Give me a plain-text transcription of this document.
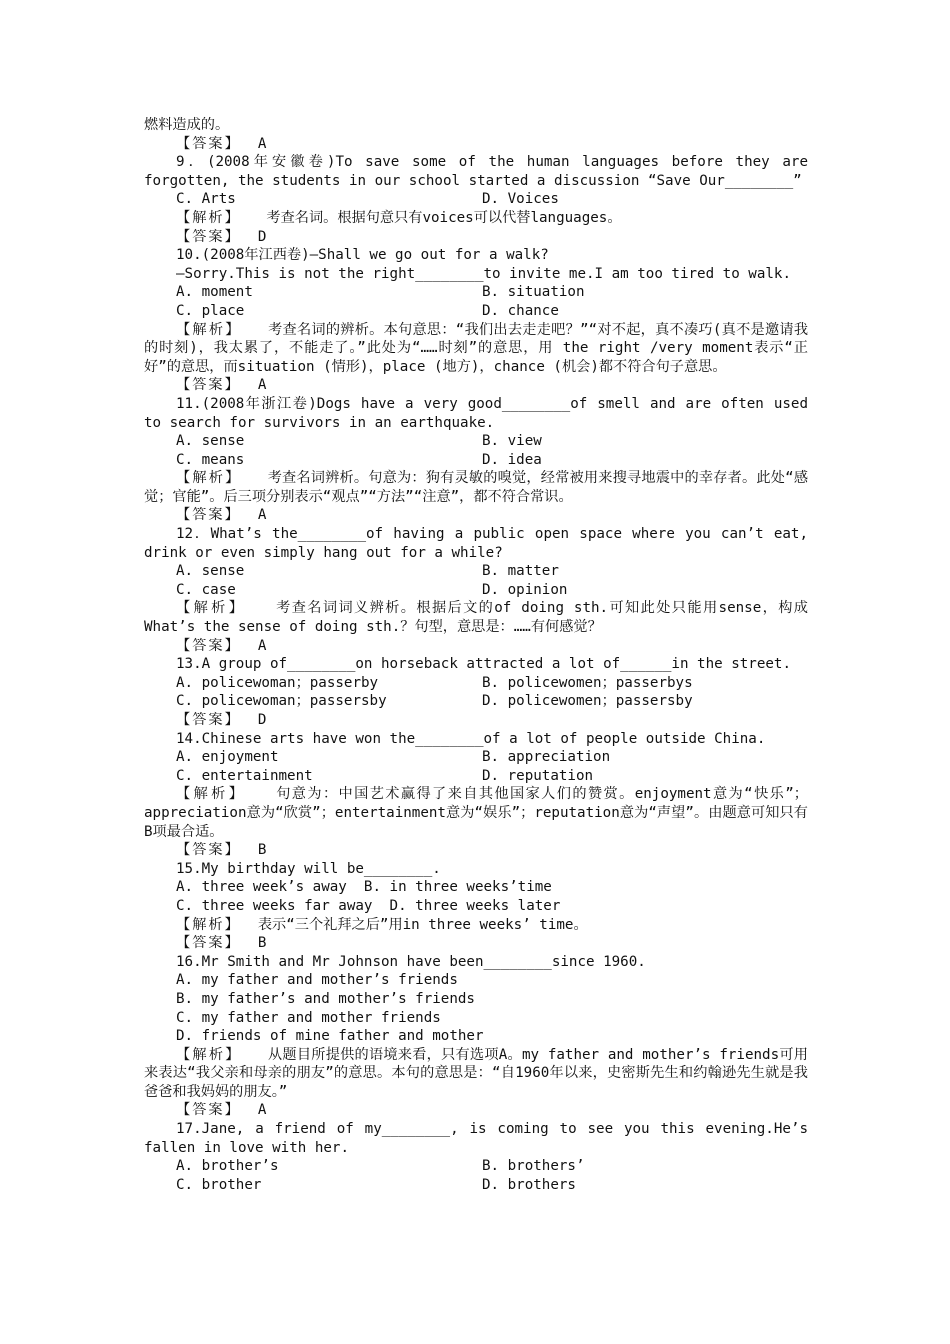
燃料造成的。
【答案】 A
9．(2008年安徽卷)To save some of the human languages before they are forgotten, the students in our school started a discussion “Save Our________”
C. Arts	D. Voices
【解析】 考查名词。根据句意只有voices可以代替languages。
【答案】 D
10.(2008年江西卷)—Shall we go out for a walk?
—Sorry.This is not the right________to invite me.I am too tired to walk.
A. moment	B. situation
C. place	D. chance
【解析】 考查名词的辨析。本句意思：“我们出去走走吧？”“对不起，真不凑巧(真不是邀请我的时刻)，我太累了，不能走了。”此处为“……时刻”的意思，用 the right /very moment表示“正好”的意思，而situation (情形)，place (地方)，chance (机会)都不符合句子意思。
【答案】 A
11.(2008年浙江卷)Dogs have a very good________of smell and are often used to search for survivors in an earthquake.
A. sense	B. view
C. means	D. idea
【解析】 考查名词辨析。句意为：狗有灵敏的嗅觉，经常被用来搜寻地震中的幸存者。此处“感觉；官能”。后三项分别表示“观点”“方法”“注意”，都不符合常识。
【答案】 A
12．What’s the________of having a public open space where you can’t eat, drink or even simply hang out for a while?
A. sense	B. matter
C. case	D. opinion
【解析】 考查名词词义辨析。根据后文的of doing sth.可知此处只能用sense，构成What’s the sense of doing sth.？句型，意思是：……有何感觉？
【答案】 A
13.A group of________on horseback attracted a lot of______in the street.
A. policewoman；passerby	B. policewomen；passerbys
C. policewoman；passersby	D. policewomen；passersby
【答案】 D
14.Chinese arts have won the________of a lot of people outside China.
A. enjoyment	B. appreciation
C. entertainment	D. reputation
【解析】 句意为：中国艺术赢得了来自其他国家人们的赞赏。enjoyment意为“快乐”；appreciation意为“欣赏”；entertainment意为“娱乐”；reputation意为“声望”。由题意可知只有B项最合适。
【答案】 B
15.My birthday will be________.
A. three week’s away  B. in three weeks’time
C. three weeks far away  D. three weeks later
【解析】 表示“三个礼拜之后”用in three weeks’ time。
【答案】 B
16.Mr Smith and Mr Johnson have been________since 1960.
A. my father and mother’s friends
B. my father’s and mother’s friends
C. my father and mother friends
D. friends of mine father and mother
【解析】 从题目所提供的语境来看，只有选项A。my father and mother’s friends可用来表达“我父亲和母亲的朋友”的意思。本句的意思是：“自1960年以来，史密斯先生和约翰逊先生就是我爸爸和我妈妈的朋友。”
【答案】 A
17.Jane, a friend of my________, is coming to see you this evening.He’s fallen in love with her.
A. brother’s	B. brothers’
C. brother	D. brothers
